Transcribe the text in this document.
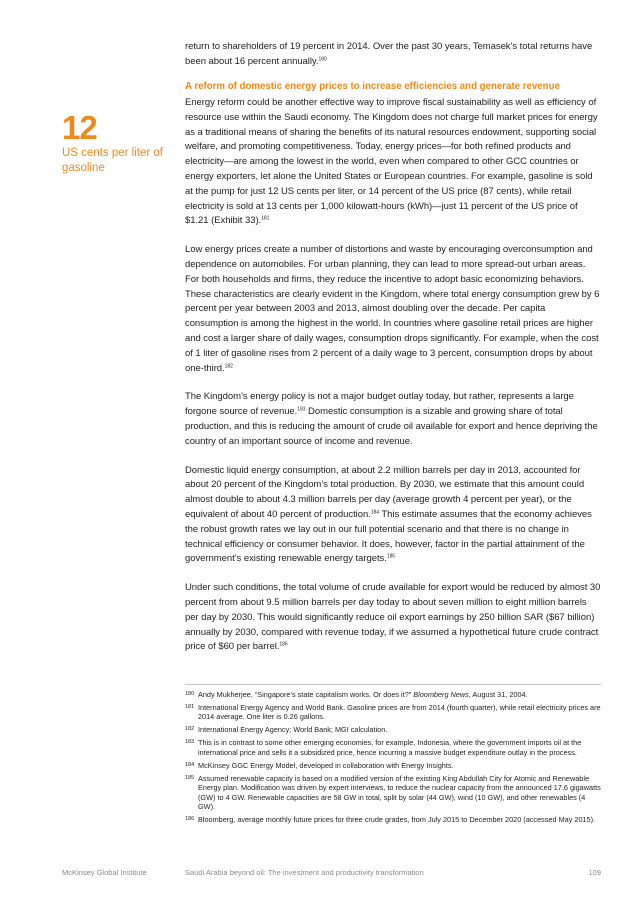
12
US cents per liter of gasoline

return to shareholders of 19 percent in 2014. Over the past 30 years, Temasek’s total returns have been about 16 percent annually.$^{180}$

A reform of domestic energy prices to increase efficiencies and generate revenue

Energy reform could be another effective way to improve fiscal sustainability as well as efficiency of resource use within the Saudi economy. The Kingdom does not charge full market prices for energy as a traditional means of sharing the benefits of its natural resources endowment, supporting social welfare, and promoting competitiveness. Today, energy prices—for both refined products and electricity—are among the lowest in the world, even when compared to other GCC countries or energy exporters, let alone the United States or European countries. For example, gasoline is sold at the pump for just 12 US cents per liter, or 14 percent of the US price (87 cents), while retail electricity is sold at 13 cents per 1,000 kilowatt-hours (kWh)—just 11 percent of the US price of $1.21 (Exhibit 33).$^{181}$

Low energy prices create a number of distortions and waste by encouraging overconsumption and dependence on automobiles. For urban planning, they can lead to more spread-out urban areas. For both households and firms, they reduce the incentive to adopt basic economizing behaviors. These characteristics are clearly evident in the Kingdom, where total energy consumption grew by 6 percent per year between 2003 and 2013, almost doubling over the decade. Per capita consumption is among the highest in the world. In countries where gasoline retail prices are higher and cost a larger share of daily wages, consumption drops significantly. For example, when the cost of 1 liter of gasoline rises from 2 percent of a daily wage to 3 percent, consumption drops by about one-third.$^{182}$

The Kingdom’s energy policy is not a major budget outlay today, but rather, represents a large forgone source of revenue.$^{183}$ Domestic consumption is a sizable and growing share of total production, and this is reducing the amount of crude oil available for export and hence depriving the country of an important source of income and revenue.

Domestic liquid energy consumption, at about 2.2 million barrels per day in 2013, accounted for about 20 percent of the Kingdom’s total production. By 2030, we estimate that this amount could almost double to about 4.3 million barrels per day (average growth 4 percent per year), or the equivalent of about 40 percent of production.$^{184}$ This estimate assumes that the economy achieves the robust growth rates we lay out in our full potential scenario and that there is no change in technical efficiency or consumer behavior. It does, however, factor in the partial attainment of the government’s existing renewable energy targets.$^{185}$

Under such conditions, the total volume of crude available for export would be reduced by almost 30 percent from about 9.5 million barrels per day today to about seven million to eight million barrels per day by 2030. This would significantly reduce oil export earnings by 250 billion SAR ($67 billion) annually by 2030, compared with revenue today, if we assumed a hypothetical future crude contract price of $60 per barrel.$^{186}$

180 Andy Mukherjee, “Singapore’s state capitalism works. Or does it?” Bloomberg News, August 31, 2004.
181 International Energy Agency and World Bank. Gasoline prices are from 2014 (fourth quarter), while retail electricity prices are 2014 average. One liter is 0.26 gallons.
182 International Energy Agency; World Bank; MGI calculation.
183 This is in contrast to some other emerging economies, for example, Indonesia, where the government imports oil at the international price and sells it a subsidized price, hence incurring a massive budget expenditure outlay in the process.
184 McKinsey GGC Energy Model, developed in collaboration with Energy Insights.
185 Assumed renewable capacity is based on a modified version of the existing King Abdullah City for Atomic and Renewable Energy plan. Modification was driven by expert interviews, to reduce the nuclear capacity from the announced 17.6 gigawatts (GW) to 4 GW. Renewable capacities are 58 GW in total, split by solar (44 GW), wind (10 GW), and other renewables (4 GW).
186 Bloomberg, average monthly future prices for three crude grades, from July 2015 to December 2020 (accessed May 2015).
McKinsey Global Institute	Saudi Arabia beyond oil: The investment and productivity transformation	109
